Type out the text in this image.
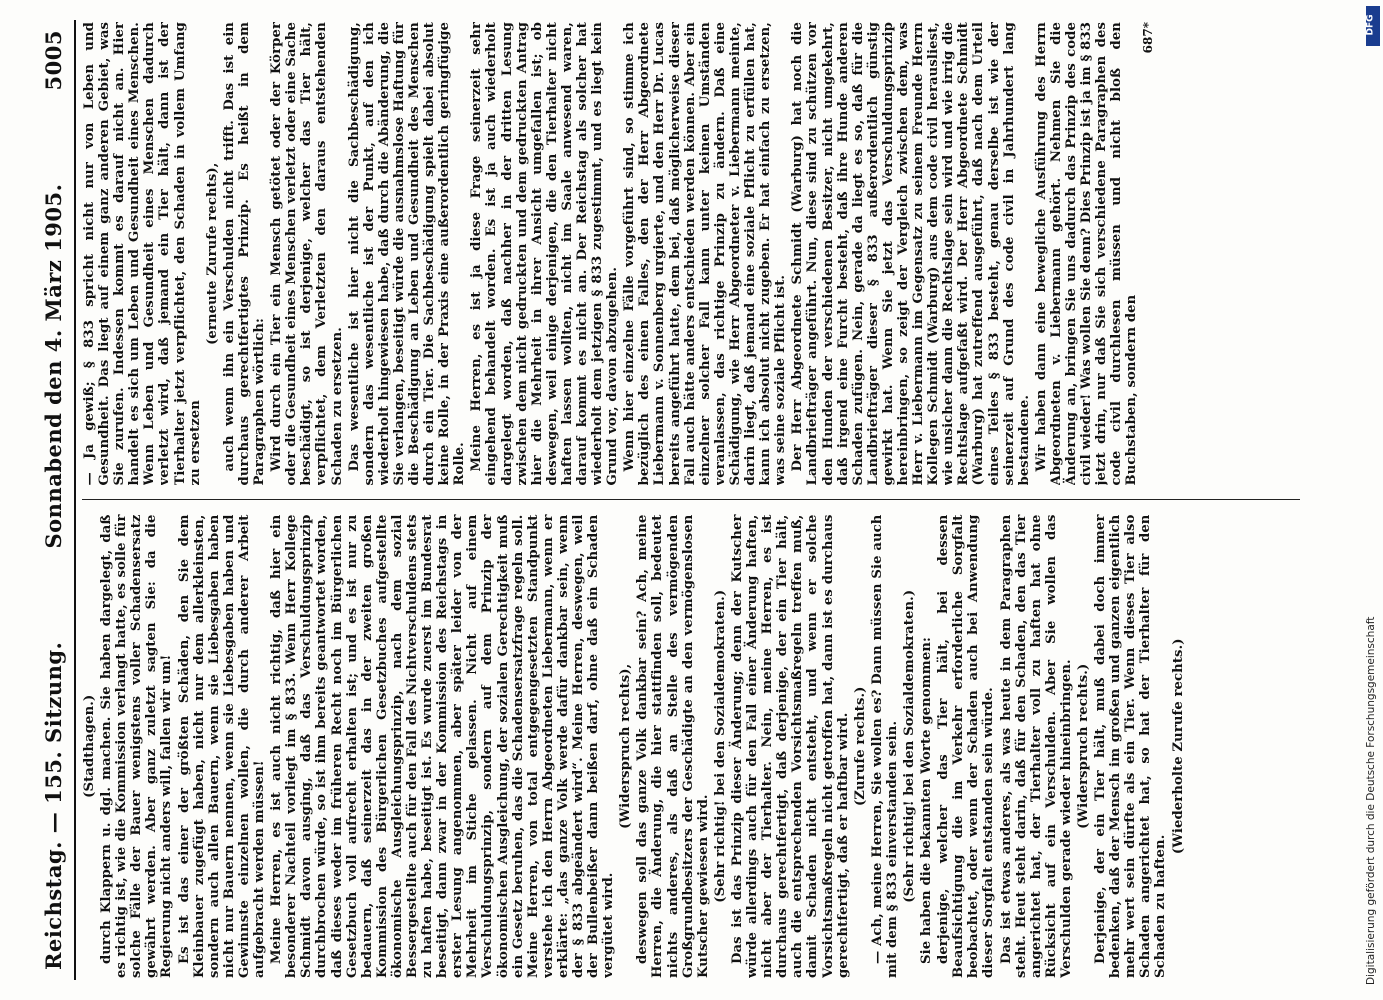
Reichstag. — 155. Sitzung.
Sonnabend den 4. März 1905.
5005

(Stadthagen.) durch Klappern u. dgl. machen. Sie haben dargelegt, daß es richtig ist, wie die Kommission verlangt hatte, es solle für solche Fälle der Bauer wenigstens voller Schadensersatz gewährt werden. Aber ganz zuletzt sagten Sie: da die Regierung nicht anders will, fallen wir um! Es ist das einer der größten Schäden, den Sie dem Kleinbauer zugefügt haben, nicht nur dem allerkleinsten, sondern auch allen Bauern, wenn sie Liebesgaben haben nicht nur Bauern nennen, wenn sie Liebesgaben haben und Gewinnste einzelnen wollen, die durch anderer Arbeit aufgebracht werden müssen! Meine Herren, es ist auch nicht richtig, daß hier ein besonderer Nachteil vorliegt im § 833. Wenn Herr Kollege Schmidt davon ausging, daß das Verschuldungsprinzip durchbrochen würde, so ist ihm bereits geantwortet worden, daß dieses weder im früheren Recht noch im Bürgerlichen Gesetzbuch voll aufrecht erhalten ist; und es ist nur zu bedauern, daß seinerzeit das in der zweiten großen Kommission des Bürgerlichen Gesetzbuches aufgestellte ökonomische Ausgleichungsprinzip, nach dem sozial Bessergestellte auch für den Fall des Nichtverschuldens stets zu haften habe, beseitigt ist. Es wurde zuerst im Bundesrat beseitigt, dann zwar in der Kommission des Reichstags in erster Lesung angenommen, aber später leider von der Mehrheit im Stiche gelassen. Nicht auf einem Verschuldungsprinzip, sondern auf dem Prinzip der ökonomischen Ausgleichung, der sozialen Gerechtigkeit muß ein Gesetz beruhen, das die Schadensersatzfrage regeln soll. Meine Herren, von total entgegengesetzten Standpunkt verstehe ich den Herrn Abgeordneten Liebermann, wenn er erklärte: „das ganze Volk werde dafür dankbar sein, wenn der § 833 abgeändert wird“. Meine Herren, deswegen, weil der Bullenbeißer dann beißen darf, ohne daß ein Schaden vergütet wird.

(Widerspruch rechts), deswegen soll das ganze Volk dankbar sein? Ach, meine Herren, die Änderung, die hier stattfinden soll, bedeutet nichts anderes, als daß an Stelle des vermögenden Großgrundbesitzers der Geschädigte an den vermögenslosen Kutscher gewiesen wird. (Sehr richtig! bei den Sozialdemokraten.) Das ist das Prinzip dieser Änderung; denn der Kutscher würde allerdings auch für den Fall einer Änderung haften, nicht aber der Tierhalter. Nein, meine Herren, es ist durchaus gerechtfertigt, daß derjenige, der ein Tier hält, auch die entsprechenden Vorsichtsmaßregeln treffen muß, damit Schaden nicht entsteht, und wenn er solche Vorsichtsmaßregeln nicht getroffen hat, dann ist es durchaus gerechtfertigt, daß er haftbar wird. (Zurufe rechts.) — Ach, meine Herren, Sie wollen es? Dann müssen Sie auch mit dem § 833 einverstanden sein. (Sehr richtig! bei den Sozialdemokraten.) Sie haben die bekannten Worte genommen: derjenige, welcher das Tier hält, bei dessen Beaufsichtigung die im Verkehr erforderliche Sorgfalt beobachtet, oder wenn der Schaden auch bei Anwendung dieser Sorgfalt entstanden sein würde. Das ist etwas anderes, als was heute in dem Paragraphen steht. Heut steht darin, daß für den Schaden, den das Tier angerichtet hat, der Tierhalter voll zu haften hat ohne Rücksicht auf ein Verschulden. Aber Sie wollen das Verschulden gerade wieder hineinbringen. (Widerspruch rechts.) Derjenige, der ein Tier hält, muß dabei doch immer bedenken, daß der Mensch im großen und ganzen eigentlich mehr wert sein dürfte als ein Tier. Wenn dieses Tier also Schaden angerichtet hat, so hat der Tierhalter für den Schaden zu haften.

(Wiederholte Zurufe rechts.)

— Ja gewiß; § 833 spricht nicht nur von Leben und Gesundheit. Das liegt auf einem ganz anderen Gebiet, was Sie zurufen. Indessen kommt es darauf nicht an. Hier handelt es sich um Leben und Gesundheit eines Menschen. Wenn Leben und Gesundheit eines Menschen dadurch verletzt wird, daß jemand ein Tier hält, dann ist der Tierhalter jetzt verpflichtet, den Schaden in vollem Umfang zu ersetzen

(erneute Zurufe rechts), auch wenn ihn ein Verschulden nicht trifft. Das ist ein durchaus gerechtfertigtes Prinzip. Es heißt in dem Paragraphen wörtlich: Wird durch ein Tier ein Mensch getötet oder der Körper oder die Gesundheit eines Menschen verletzt oder eine Sache beschädigt, so ist derjenige, welcher das Tier hält, verpflichtet, dem Verletzten den daraus entstehenden Schaden zu ersetzen. Das wesentliche ist hier nicht die Sachbeschädigung, sondern das wesentliche ist der Punkt, auf den ich wiederholt hingewiesen habe, daß durch die Abänderung, die Sie verlangen, beseitigt würde die ausnahmslose Haftung für die Beschädigung an Leben und Gesundheit des Menschen durch ein Tier. Die Sachbeschädigung spielt dabei absolut keine Rolle, in der Praxis eine außerordentlich geringfügige Rolle. Meine Herren, es ist ja diese Frage seinerzeit sehr eingehend behandelt worden. Es ist ja auch wiederholt dargelegt worden, daß nachher in der dritten Lesung zwischen dem nicht gedruckten und dem gedruckten Antrag hier die Mehrheit in ihrer Ansicht umgefallen ist; ob deswegen, weil einige derjenigen, die den Tierhalter nicht haften lassen wollten, nicht im Saale anwesend waren, darauf kommt es nicht an. Der Reichstag als solcher hat wiederholt dem jetzigen § 833 zugestimmt, und es liegt kein Grund vor, davon abzugehen. Wenn hier einzelne Fälle vorgeführt sind, so stimme ich bezüglich des einen Falles, den der Herr Abgeordnete Liebermann v. Sonnenberg urgierte, und den Herr Dr. Lucas bereits angeführt hatte, dem bei, daß möglicherweise dieser Fall auch hätte anders entschieden werden können. Aber ein einzelner solcher Fall kann unter keinen Umständen veranlassen, das richtige Prinzip zu ändern. Daß eine Schädigung, wie Herr Abgeordneter v. Liebermann meinte, darin liegt, daß jemand eine soziale Pflicht zu erfüllen hat, kann ich absolut nicht zugeben. Er hat einfach zu ersetzen, was seine soziale Pflicht ist. Der Herr Abgeordnete Schmidt (Warburg) hat noch die Landbriefträger angeführt. Nun, diese sind zu schützen vor den Hunden der verschiedenen Besitzer, nicht umgekehrt, daß irgend eine Furcht besteht, daß ihre Hunde anderen Schaden zufügen. Nein, gerade da liegt es so, daß für die Landbriefträger dieser § 833 außerordentlich günstig gewirkt hat. Wenn Sie jetzt das Verschuldungsprinzip hereinbringen, so zeigt der Vergleich zwischen dem, was Herr v. Liebermann im Gegensatz zu seinem Freunde Herrn Kollegen Schmidt (Warburg) aus dem code civil herausliest, wie unsicher dann die Rechtslage sein wird und wie irrig die Rechtslage aufgefaßt wird. Der Herr Abgeordnete Schmidt (Warburg) hat zutreffend ausgeführt, daß nach dem Urteil eines Teiles § 833 besteht, genau derselbe ist wie der seinerzeit auf Grund des code civil in Jahrhundert lang bestandene. Wir haben dann eine bewegliche Ausführung des Herrn Abgeordneten v. Liebermann gehört. Nehmen Sie die Änderung an, bringen Sie uns dadurch das Prinzip des code civil wieder! Was wollen Sie denn? Dies Prinzip ist ja im § 833 jetzt drin, nur daß Sie sich verschiedene Paragraphen des code civil durchlesen müssen und nicht bloß den Buchstaben, sondern den

687*
Digitalisierung gefördert durch die Deutsche Forschungsgemeinschaft
DFG
